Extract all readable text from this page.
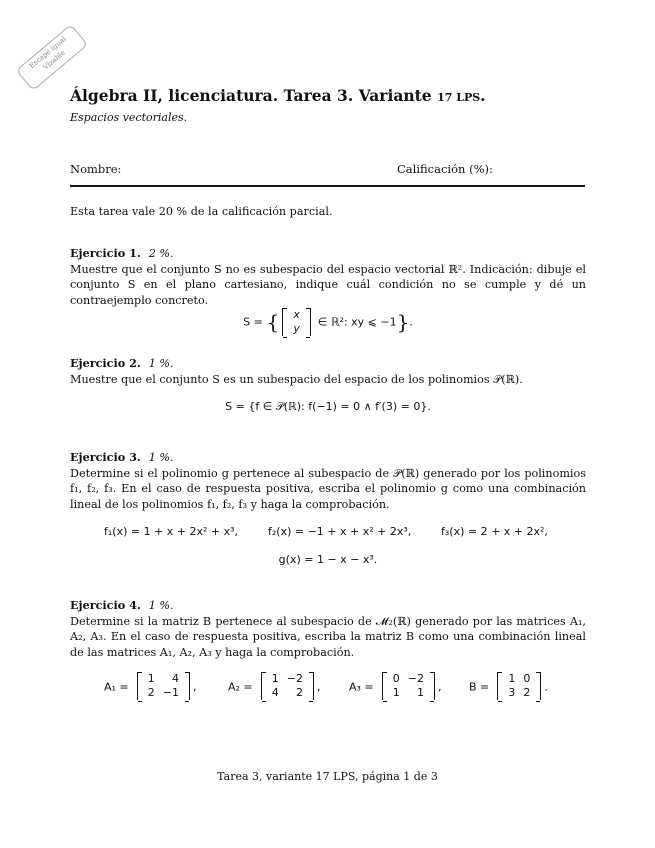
Escape igual Vizable
Álgebra II, licenciatura. Tarea 3. Variante 17 LPS.
Espacios vectoriales.
Nombre:	Calificación (%):
Esta tarea vale 20 % de la calificación parcial.
Ejercicio 1. 2 %.
Muestre que el conjunto S no es subespacio del espacio vectorial ℝ². Indicación: dibuje el conjunto S en el plano cartesiano, indique cuál condición no se cumple y dé un contraejemplo concreto.
S = { x
y ∈ ℝ²: xy ⩽ −1}.
Ejercicio 2. 1 %.
Muestre que el conjunto S es un subespacio del espacio de los polinomios 𝒫(ℝ).
S = {f ∈ 𝒫(ℝ): f(−1) = 0 ∧ f′(3) = 0}.
Ejercicio 3. 1 %.
Determine si el polinomio g pertenece al subespacio de 𝒫(ℝ) generado por los polinomios f₁, f₂, f₃. En el caso de respuesta positiva, escriba el polinomio g como una combinación lineal de los polinomios f₁, f₂, f₃ y haga la comprobación.
f₁(x) = 1 + x + 2x² + x³,	f₂(x) = −1 + x + x² + 2x³,	f₃(x) = 2 + x + 2x²,
g(x) = 1 − x − x³.
Ejercicio 4. 1 %.
Determine si la matriz B pertenece al subespacio de 𝓜₂(ℝ) generado por las matrices A₁, A₂, A₃. En el caso de respuesta positiva, escriba la matriz B como una combinación lineal de las matrices A₁, A₂, A₃ y haga la comprobación.
A₁ =
1	4
2	−1 ,	A₂ =
1	−2
4	2 ,	A₃ =
0	−2
1	1 ,	B =
1	0
3	2 .
Tarea 3, variante 17 LPS, página 1 de 3
